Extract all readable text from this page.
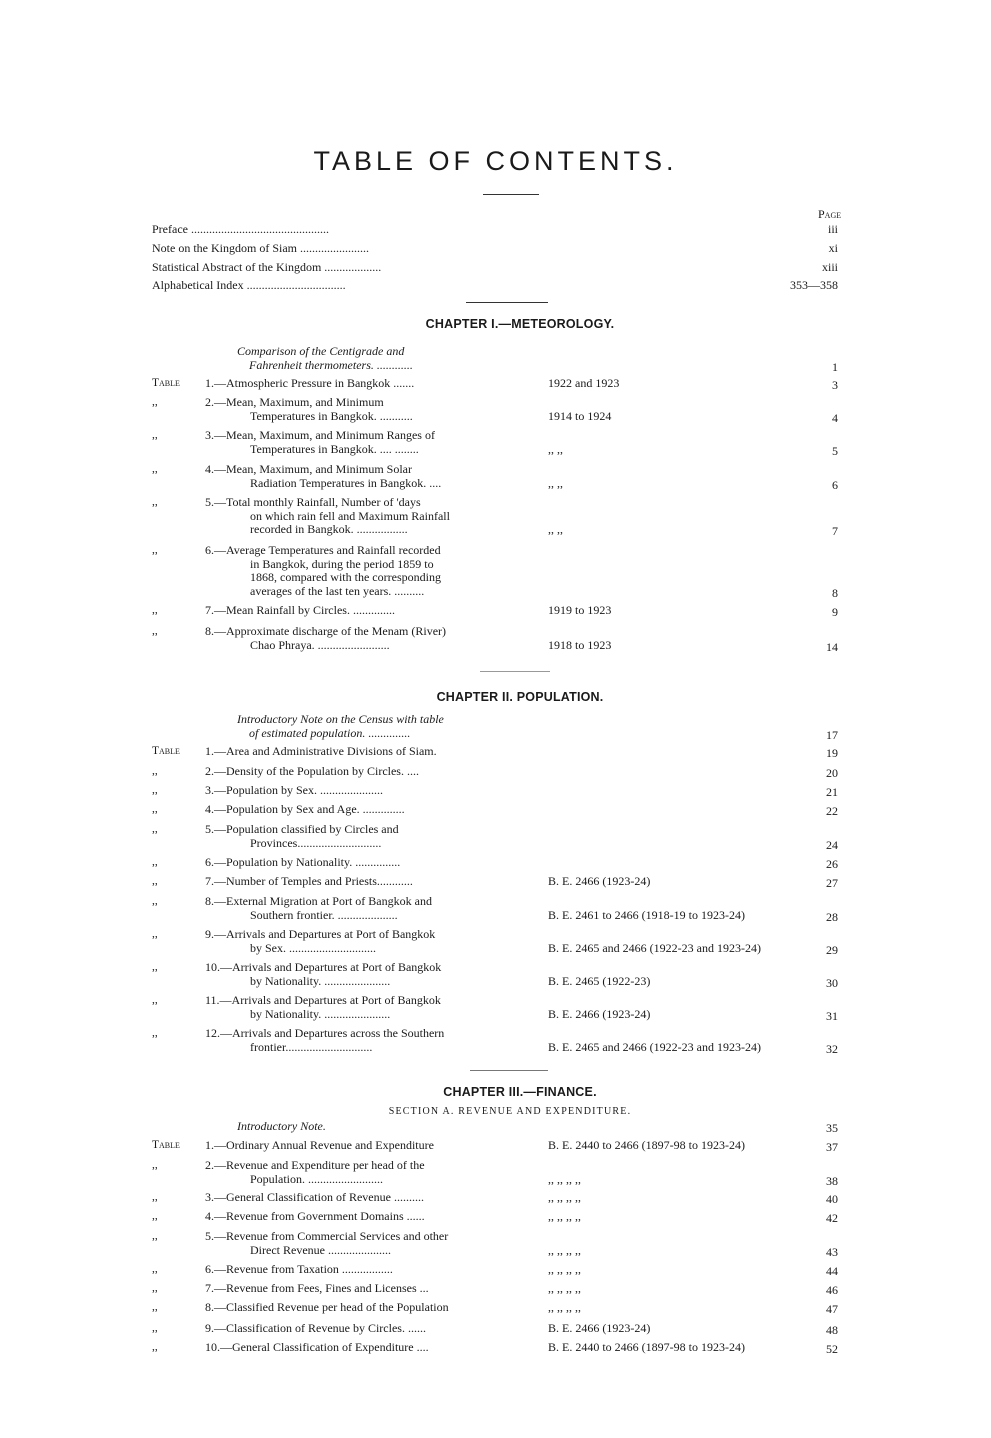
TABLE OF CONTENTS.
Page
Preface ..............................................	iii
Note on the Kingdom of Siam .......................	xi
Statistical Abstract of the Kingdom ...................	xiii
Alphabetical Index .................................	353—358
CHAPTER I.—METEOROLOGY.
Comparison of the Centigrade and
Fahrenheit thermometers. ............	1
Table 1.—Atmospheric Pressure in Bangkok .......	1922 and 1923	3
,,	2.—Mean, Maximum, and Minimum
Temperatures in Bangkok. ...........	1914 to 1924	4
,,	3.—Mean, Maximum, and Minimum Ranges of
Temperatures in Bangkok. .... ........	,, ,,	5
,,	4.—Mean, Maximum, and Minimum Solar
Radiation Temperatures in Bangkok. ....	,, ,,	6
,,	5.—Total monthly Rainfall, Number of 'days
on which rain fell and Maximum Rainfall
recorded in Bangkok. .................	,, ,,	7
,,	6.—Average Temperatures and Rainfall recorded
in Bangkok, during the period 1859 to
1868, compared with the corresponding
averages of the last ten years. ..........	8
,,	7.—Mean Rainfall by Circles. ..............	1919 to 1923	9
,,	8.—Approximate discharge of the Menam (River)
Chao Phraya. ........................	1918 to 1923	14
CHAPTER II. POPULATION.
Introductory Note on the Census with table
of estimated population. ..............	17
Table 1.—Area and Administrative Divisions of Siam.	19
,,	2.—Density of the Population by Circles. ....	20
,,	3.—Population by Sex. .....................	21
,,	4.—Population by Sex and Age. ..............	22
,,	5.—Population classified by Circles and
Provinces............................	24
,,	6.—Population by Nationality. ...............	26
,,	7.—Number of Temples and Priests............	B. E. 2466 (1923-24)	27
,,	8.—External Migration at Port of Bangkok and
Southern frontier. ....................	B. E. 2461 to 2466 (1918-19 to 1923-24)	28
,,	9.—Arrivals and Departures at Port of Bangkok
by Sex. .............................	B. E. 2465 and 2466 (1922-23 and 1923-24)	29
,,	10.—Arrivals and Departures at Port of Bangkok
by Nationality. ......................	B. E. 2465 (1922-23)	30
,,	11.—Arrivals and Departures at Port of Bangkok
by Nationality. ......................	B. E. 2466 (1923-24)	31
,,	12.—Arrivals and Departures across the Southern
frontier.............................	B. E. 2465 and 2466 (1922-23 and 1923-24)	32
CHAPTER III.—FINANCE.
SECTION A. REVENUE AND EXPENDITURE.
Introductory Note.	35
Table 1.—Ordinary Annual Revenue and Expenditure	B. E. 2440 to 2466 (1897-98 to 1923-24)	37
,,	2.—Revenue and Expenditure per head of the
Population. .........................	,, ,, ,, ,,	38
,,	3.—General Classification of Revenue ..........	,, ,, ,, ,,	40
,,	4.—Revenue from Government Domains ......	,, ,, ,, ,,	42
,,	5.—Revenue from Commercial Services and other
Direct Revenue .....................	,, ,, ,, ,,	43
,,	6.—Revenue from Taxation .................	,, ,, ,, ,,	44
,,	7.—Revenue from Fees, Fines and Licenses ...	,, ,, ,, ,,	46
,,	8.—Classified Revenue per head of the Population	,, ,, ,, ,,	47
,,	9.—Classification of Revenue by Circles. ......	B. E. 2466 (1923-24)	48
,,	10.—General Classification of Expenditure ....	B. E. 2440 to 2466 (1897-98 to 1923-24)	52
